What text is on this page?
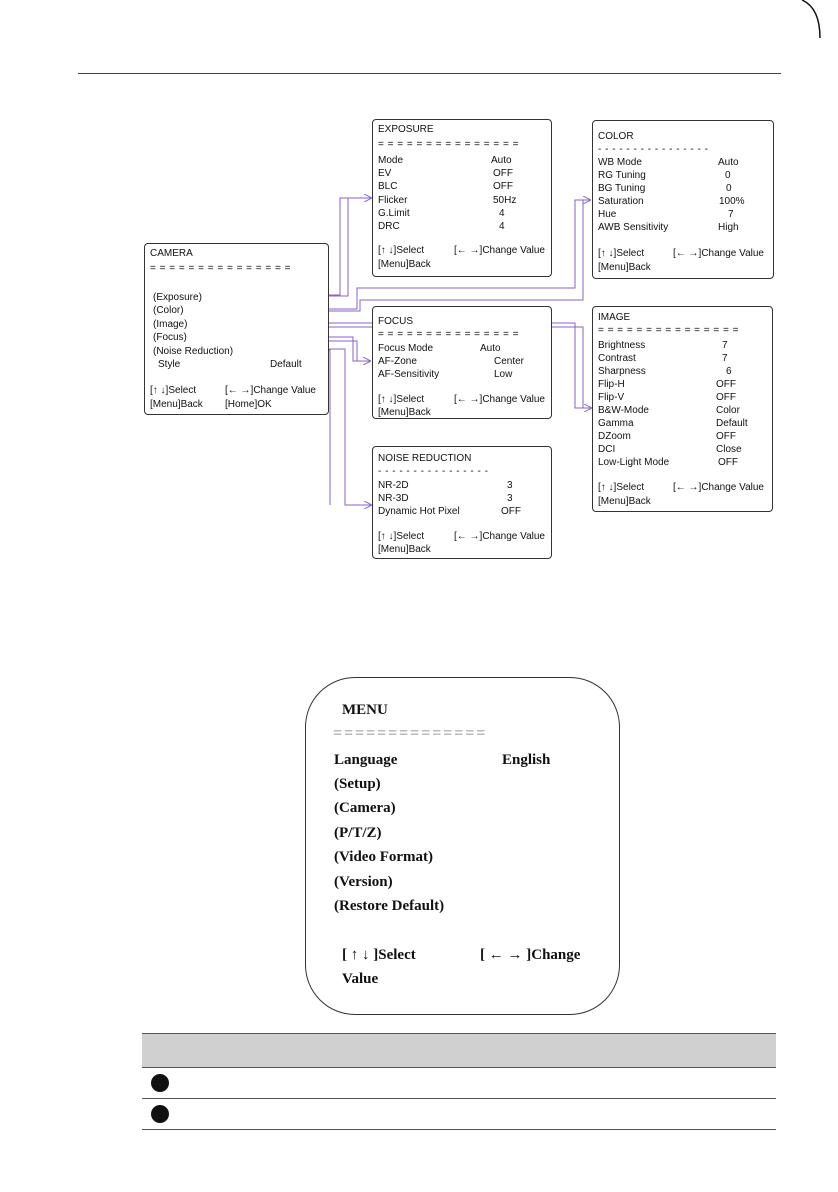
CAMERA
= = = = = = = = = = = = = = =
(Exposure)
(Color)
(Image)
(Focus)
(Noise Reduction)
Style	Default
[↑ ↓]Select	[← →]Change Value
[Menu]Back [Home]OK
EXPOSURE
= = = = = = = = = = = = = = =
Mode	Auto
EV	OFF
BLC	OFF
Flicker	50Hz
G.Limit	4
DRC	4
[↑ ↓]Select	[← →]Change Value
[Menu]Back
COLOR
- - - - - - - - - - - - - - - -
WB Mode	Auto
RG Tuning	0
BG Tuning	0
Saturation	100%
Hue	7
AWB Sensitivity	High
[↑ ↓]Select	[← →]Change Value
[Menu]Back
FOCUS
= = = = = = = = = = = = = = =
Focus Mode	Auto
AF-Zone	Center
AF-Sensitivity	Low
[↑ ↓]Select	[← →]Change Value
[Menu]Back
IMAGE
= = = = = = = = = = = = = = =
Brightness	7
Contrast	7
Sharpness	6
Flip-H	OFF
Flip-V	OFF
B&W-Mode	Color
Gamma	Default
DZoom	OFF
DCI	Close
Low-Light Mode	OFF
[↑ ↓]Select	[← →]Change Value
[Menu]Back
NOISE REDUCTION
- - - - - - - - - - - - - - - -
NR-2D	3
NR-3D	3
Dynamic Hot Pixel	OFF
[↑ ↓]Select	[← →]Change Value
[Menu]Back
MENU
==============
Language	English
(Setup)
(Camera)
(P/T/Z)
(Video Format)
(Version)
(Restore Default)
[ ↑ ↓ ]Select	[ ← → ]Change
Value
